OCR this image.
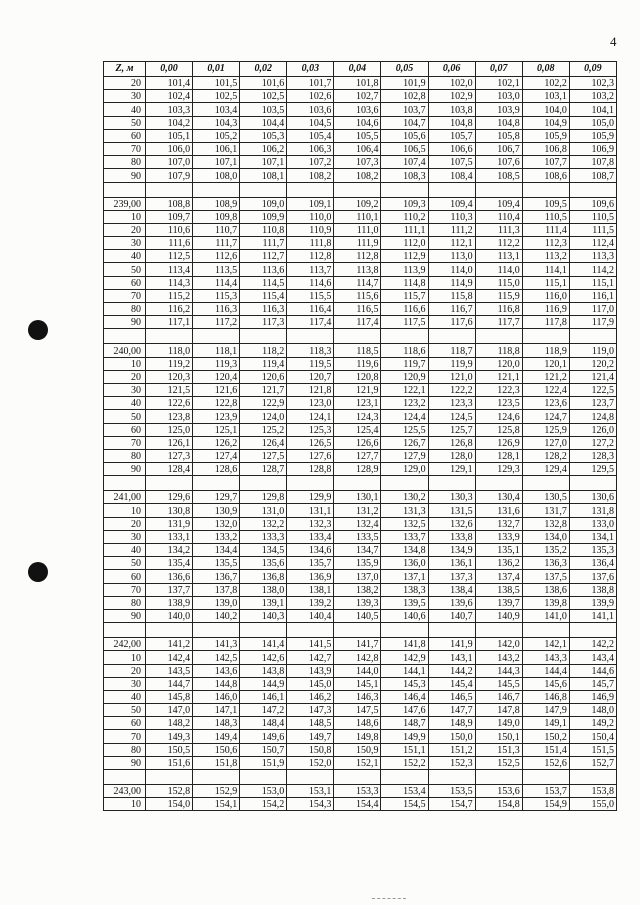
4
Z, м	0,00	0,01	0,02	0,03	0,04	0,05	0,06	0,07	0,08	0,09
20	101,4	101,5	101,6	101,7	101,8	101,9	102,0	102,1	102,2	102,3
30	102,4	102,5	102,5	102,6	102,7	102,8	102,9	103,0	103,1	103,2
40	103,3	103,4	103,5	103,6	103,6	103,7	103,8	103,9	104,0	104,1
50	104,2	104,3	104,4	104,5	104,6	104,7	104,8	104,8	104,9	105,0
60	105,1	105,2	105,3	105,4	105,5	105,6	105,7	105,8	105,9	105,9
70	106,0	106,1	106,2	106,3	106,4	106,5	106,6	106,7	106,8	106,9
80	107,0	107,1	107,1	107,2	107,3	107,4	107,5	107,6	107,7	107,8
90	107,9	108,0	108,1	108,2	108,2	108,3	108,4	108,5	108,6	108,7

239,00	108,8	108,9	109,0	109,1	109,2	109,3	109,4	109,4	109,5	109,6
10	109,7	109,8	109,9	110,0	110,1	110,2	110,3	110,4	110,5	110,5
20	110,6	110,7	110,8	110,9	111,0	111,1	111,2	111,3	111,4	111,5
30	111,6	111,7	111,7	111,8	111,9	112,0	112,1	112,2	112,3	112,4
40	112,5	112,6	112,7	112,8	112,8	112,9	113,0	113,1	113,2	113,3
50	113,4	113,5	113,6	113,7	113,8	113,9	114,0	114,0	114,1	114,2
60	114,3	114,4	114,5	114,6	114,7	114,8	114,9	115,0	115,1	115,1
70	115,2	115,3	115,4	115,5	115,6	115,7	115,8	115,9	116,0	116,1
80	116,2	116,3	116,3	116,4	116,5	116,6	116,7	116,8	116,9	117,0
90	117,1	117,2	117,3	117,4	117,4	117,5	117,6	117,7	117,8	117,9

240,00	118,0	118,1	118,2	118,3	118,5	118,6	118,7	118,8	118,9	119,0
10	119,2	119,3	119,4	119,5	119,6	119,7	119,9	120,0	120,1	120,2
20	120,3	120,4	120,6	120,7	120,8	120,9	121,0	121,1	121,2	121,4
30	121,5	121,6	121,7	121,8	121,9	122,1	122,2	122,3	122,4	122,5
40	122,6	122,8	122,9	123,0	123,1	123,2	123,3	123,5	123,6	123,7
50	123,8	123,9	124,0	124,1	124,3	124,4	124,5	124,6	124,7	124,8
60	125,0	125,1	125,2	125,3	125,4	125,5	125,7	125,8	125,9	126,0
70	126,1	126,2	126,4	126,5	126,6	126,7	126,8	126,9	127,0	127,2
80	127,3	127,4	127,5	127,6	127,7	127,9	128,0	128,1	128,2	128,3
90	128,4	128,6	128,7	128,8	128,9	129,0	129,1	129,3	129,4	129,5

241,00	129,6	129,7	129,8	129,9	130,1	130,2	130,3	130,4	130,5	130,6
10	130,8	130,9	131,0	131,1	131,2	131,3	131,5	131,6	131,7	131,8
20	131,9	132,0	132,2	132,3	132,4	132,5	132,6	132,7	132,8	133,0
30	133,1	133,2	133,3	133,4	133,5	133,7	133,8	133,9	134,0	134,1
40	134,2	134,4	134,5	134,6	134,7	134,8	134,9	135,1	135,2	135,3
50	135,4	135,5	135,6	135,7	135,9	136,0	136,1	136,2	136,3	136,4
60	136,6	136,7	136,8	136,9	137,0	137,1	137,3	137,4	137,5	137,6
70	137,7	137,8	138,0	138,1	138,2	138,3	138,4	138,5	138,6	138,8
80	138,9	139,0	139,1	139,2	139,3	139,5	139,6	139,7	139,8	139,9
90	140,0	140,2	140,3	140,4	140,5	140,6	140,7	140,9	141,0	141,1

242,00	141,2	141,3	141,4	141,5	141,7	141,8	141,9	142,0	142,1	142,2
10	142,4	142,5	142,6	142,7	142,8	142,9	143,1	143,2	143,3	143,4
20	143,5	143,6	143,8	143,9	144,0	144,1	144,2	144,3	144,4	144,6
30	144,7	144,8	144,9	145,0	145,1	145,3	145,4	145,5	145,6	145,7
40	145,8	146,0	146,1	146,2	146,3	146,4	146,5	146,7	146,8	146,9
50	147,0	147,1	147,2	147,3	147,5	147,6	147,7	147,8	147,9	148,0
60	148,2	148,3	148,4	148,5	148,6	148,7	148,9	149,0	149,1	149,2
70	149,3	149,4	149,6	149,7	149,8	149,9	150,0	150,1	150,2	150,4
80	150,5	150,6	150,7	150,8	150,9	151,1	151,2	151,3	151,4	151,5
90	151,6	151,8	151,9	152,0	152,1	152,2	152,3	152,5	152,6	152,7

243,00	152,8	152,9	153,0	153,1	153,3	153,4	153,5	153,6	153,7	153,8
10	154,0	154,1	154,2	154,3	154,4	154,5	154,7	154,8	154,9	155,0
